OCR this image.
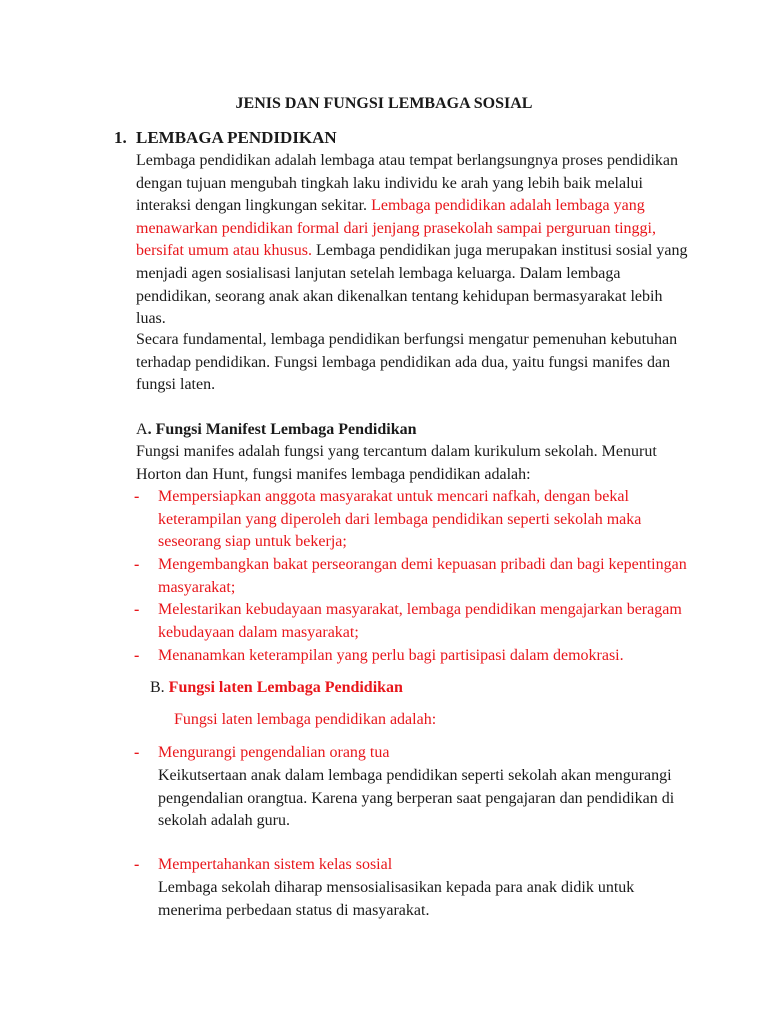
JENIS DAN FUNGSI LEMBAGA SOSIAL
1. LEMBAGA PENDIDIKAN

Lembaga pendidikan adalah lembaga atau tempat berlangsungnya proses pendidikan dengan tujuan mengubah tingkah laku individu ke arah yang lebih baik melalui interaksi dengan lingkungan sekitar. Lembaga pendidikan adalah lembaga yang menawarkan pendidikan formal dari jenjang prasekolah sampai perguruan tinggi, bersifat umum atau khusus. Lembaga pendidikan juga merupakan institusi sosial yang menjadi agen sosialisasi lanjutan setelah lembaga keluarga. Dalam lembaga pendidikan, seorang anak akan dikenalkan tentang kehidupan bermasyarakat lebih luas.

Secara fundamental, lembaga pendidikan berfungsi mengatur pemenuhan kebutuhan terhadap pendidikan. Fungsi lembaga pendidikan ada dua, yaitu fungsi manifes dan fungsi laten.

A. Fungsi Manifest Lembaga Pendidikan

Fungsi manifes adalah fungsi yang tercantum dalam kurikulum sekolah. Menurut Horton dan Hunt, fungsi manifes lembaga pendidikan adalah:

- Mempersiapkan anggota masyarakat untuk mencari nafkah, dengan bekal keterampilan yang diperoleh dari lembaga pendidikan seperti sekolah maka seseorang siap untuk bekerja;

- Mengembangkan bakat perseorangan demi kepuasan pribadi dan bagi kepentingan masyarakat;

- Melestarikan kebudayaan masyarakat, lembaga pendidikan mengajarkan beragam kebudayaan dalam masyarakat;

- Menanamkan keterampilan yang perlu bagi partisipasi dalam demokrasi.

B. Fungsi laten Lembaga Pendidikan

Fungsi laten lembaga pendidikan adalah:

- Mengurangi pengendalian orang tua

Keikutsertaan anak dalam lembaga pendidikan seperti sekolah akan mengurangi pengendalian orangtua. Karena yang berperan saat pengajaran dan pendidikan di sekolah adalah guru.

- Mempertahankan sistem kelas sosial

Lembaga sekolah diharap mensosialisasikan kepada para anak didik untuk menerima perbedaan status di masyarakat.
